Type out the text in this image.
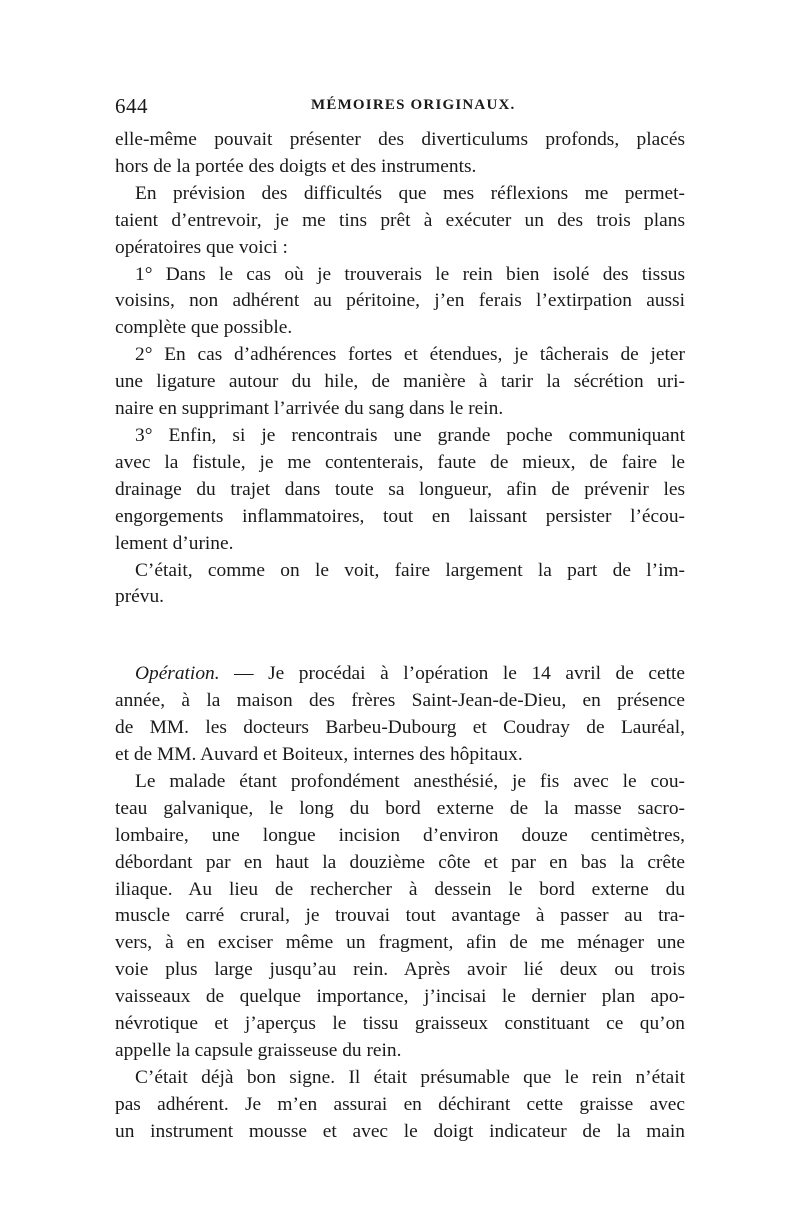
644	MÉMOIRES ORIGINAUX.

elle-même pouvait présenter des diverticulums profonds, placés

hors de la portée des doigts et des instruments.

En prévision des difficultés que mes réflexions me permet-

taient d’entrevoir, je me tins prêt à exécuter un des trois plans

opératoires que voici :

1° Dans le cas où je trouverais le rein bien isolé des tissus

voisins, non adhérent au péritoine, j’en ferais l’extirpation aussi

complète que possible.

2° En cas d’adhérences fortes et étendues, je tâcherais de jeter

une ligature autour du hile, de manière à tarir la sécrétion uri-

naire en supprimant l’arrivée du sang dans le rein.

3° Enfin, si je rencontrais une grande poche communiquant

avec la fistule, je me contenterais, faute de mieux, de faire le

drainage du trajet dans toute sa longueur, afin de prévenir les

engorgements inflammatoires, tout en laissant persister l’écou-

lement d’urine.

C’était, comme on le voit, faire largement la part de l’im-

prévu.

Opération. — Je procédai à l’opération le 14 avril de cette

année, à la maison des frères Saint-Jean-de-Dieu, en présence

de MM. les docteurs Barbeu-Dubourg et Coudray de Lauréal,

et de MM. Auvard et Boiteux, internes des hôpitaux.

Le malade étant profondément anesthésié, je fis avec le cou-

teau galvanique, le long du bord externe de la masse sacro-

lombaire, une longue incision d’environ douze centimètres,

débordant par en haut la douzième côte et par en bas la crête

iliaque. Au lieu de rechercher à dessein le bord externe du

muscle carré crural, je trouvai tout avantage à passer au tra-

vers, à en exciser même un fragment, afin de me ménager une

voie plus large jusqu’au rein. Après avoir lié deux ou trois

vaisseaux de quelque importance, j’incisai le dernier plan apo-

névrotique et j’aperçus le tissu graisseux constituant ce qu’on

appelle la capsule graisseuse du rein.

C’était déjà bon signe. Il était présumable que le rein n’était

pas adhérent. Je m’en assurai en déchirant cette graisse avec

un instrument mousse et avec le doigt indicateur de la main
